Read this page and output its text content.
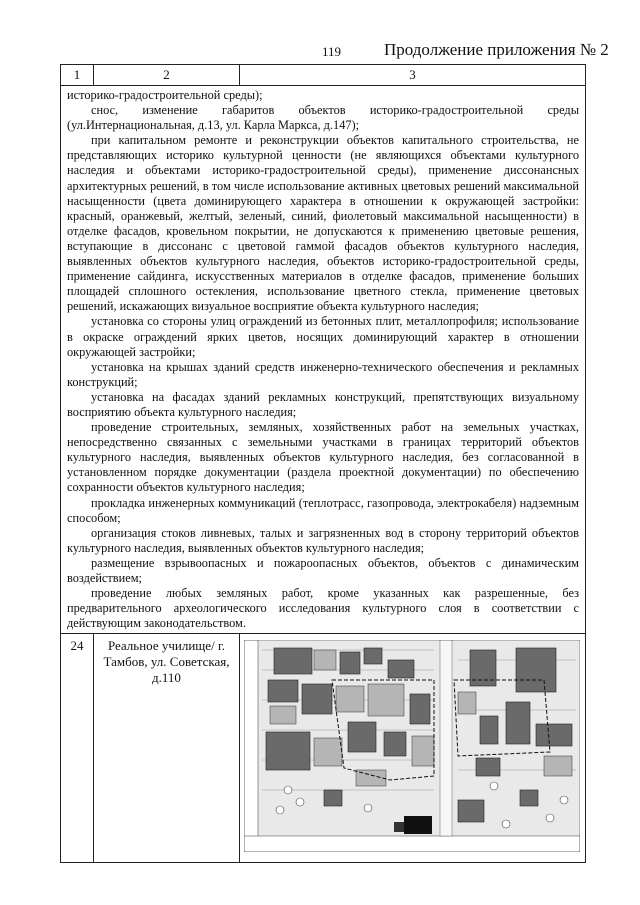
119	Продолжение приложения № 2
1	2	3

историко-градостроительной среды);

снос, изменение габаритов объектов историко-градостроительной среды (ул.Интернациональная, д.13, ул. Карла Маркса, д.147);

при капитальном ремонте и реконструкции объектов капитального строительства, не представляющих историко культурной ценности (не являющихся объектами культурного наследия и объектами историко-градостроительной среды), применение диссонансных архитектурных решений, в том числе использование активных цветовых решений максимальной насыщенности (цвета доминирующего характера в отношении к окружающей застройки: красный, оранжевый, желтый, зеленый, синий, фиолетовый максимальной насыщенности) в отделке фасадов, кровельном покрытии, не допускаются к применению цветовые решения, вступающие в диссонанс с цветовой гаммой фасадов объектов культурного наследия, выявленных объектов культурного наследия, объектов историко-градостроительной среды, применение сайдинга, искусственных материалов в отделке фасадов, применение больших площадей сплошного остекления, использование цветного стекла, применение цветовых решений, искажающих визуальное восприятие объекта культурного наследия;

установка со стороны улиц ограждений из бетонных плит, металлопрофиля; использование в окраске ограждений ярких цветов, носящих доминирующий характер в отношении окружающей застройки;

установка на крышах зданий средств инженерно-технического обеспечения и рекламных конструкций;

установка на фасадах зданий рекламных конструкций, препятствующих визуальному восприятию объекта культурного наследия;

проведение строительных, земляных, хозяйственных работ на земельных участках, непосредственно связанных с земельными участками в границах территорий объектов культурного наследия, выявленных объектов культурного наследия, без согласованной в установленном порядке документации (раздела проектной документации) по обеспечению сохранности объектов культурного наследия;

прокладка инженерных коммуникаций (теплотрасс, газопровода, электрокабеля) надземным способом;

организация стоков ливневых, талых и загрязненных вод в сторону территорий объектов культурного наследия, выявленных объектов культурного наследия;

размещение взрывоопасных и пожароопасных объектов, объектов с динамическим воздействием;

проведение любых земляных работ, кроме указанных как разрешенные, без предварительного археологического исследования культурного слоя в соответствии с действующим законодательством.

24	Реальное училище/ г. Тамбов, ул. Советская, д.110
